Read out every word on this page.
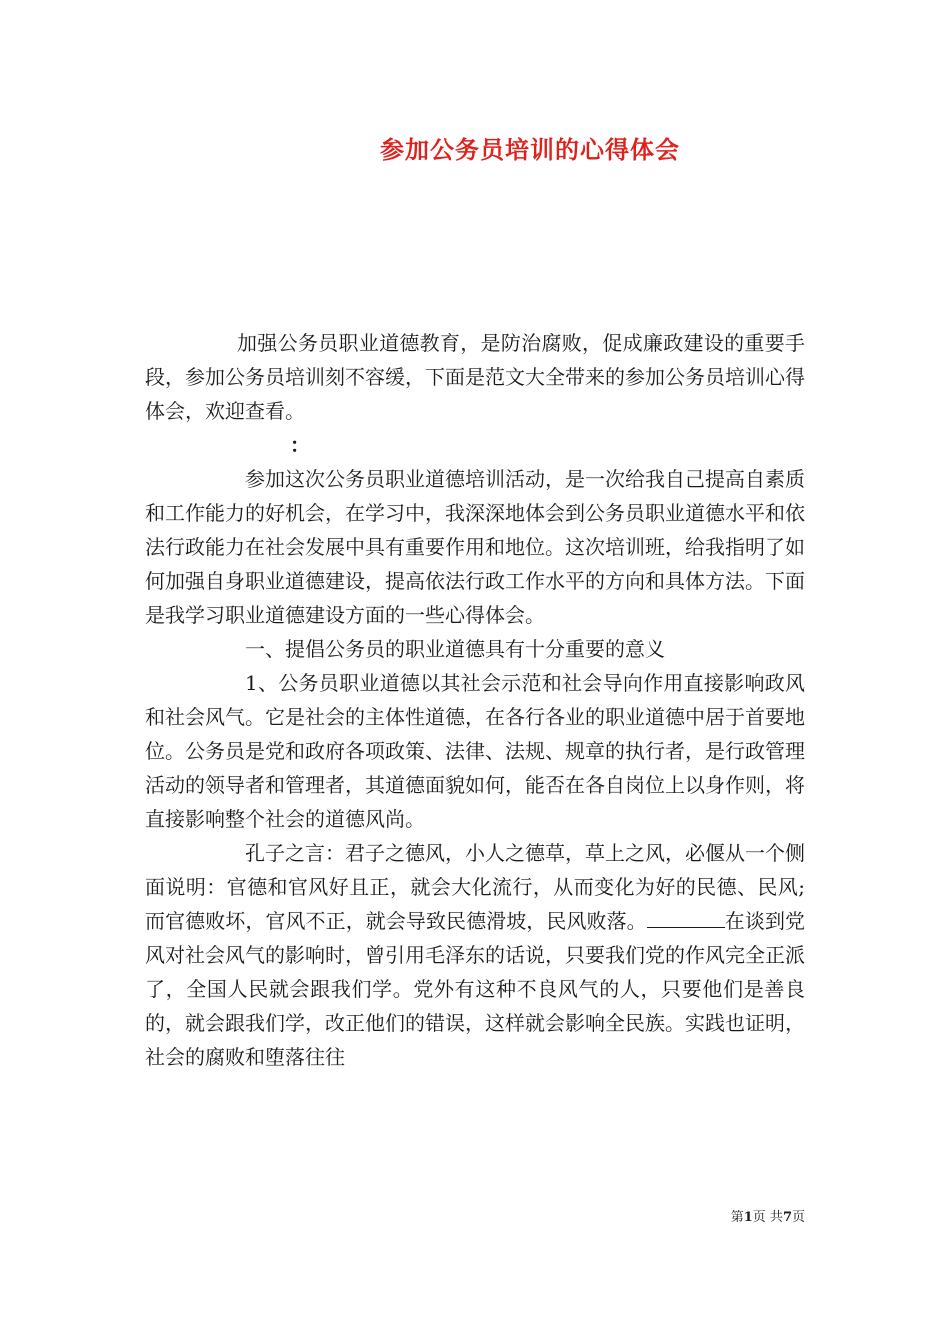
参加公务员培训的心得体会

加强公务员职业道德教育，是防治腐败，促成廉政建设的重要手段，参加公务员培训刻不容缓，下面是范文大全带来的参加公务员培训心得体会，欢迎查看。

：

参加这次公务员职业道德培训活动，是一次给我自己提高自素质和工作能力的好机会，在学习中，我深深地体会到公务员职业道德水平和依法行政能力在社会发展中具有重要作用和地位。这次培训班，给我指明了如何加强自身职业道德建设，提高依法行政工作水平的方向和具体方法。下面是我学习职业道德建设方面的一些心得体会。

一、提倡公务员的职业道德具有十分重要的意义

1、公务员职业道德以其社会示范和社会导向作用直接影响政风和社会风气。它是社会的主体性道德，在各行各业的职业道德中居于首要地位。公务员是党和政府各项政策、法律、法规、规章的执行者，是行政管理活动的领导者和管理者，其道德面貌如何，能否在各自岗位上以身作则，将直接影响整个社会的道德风尚。

孔子之言：君子之德风，小人之德草，草上之风，必偃从一个侧面说明：官德和官风好且正，就会大化流行，从而变化为好的民德、民风;而官德败坏，官风不正，就会导致民德滑坡，民风败落。	在谈到党风对社会风气的影响时，曾引用毛泽东的话说，只要我们党的作风完全正派了，全国人民就会跟我们学。党外有这种不良风气的人，只要他们是善良的，就会跟我们学，改正他们的错误，这样就会影响全民族。实践也证明，社会的腐败和堕落往往

第1页 共7页
